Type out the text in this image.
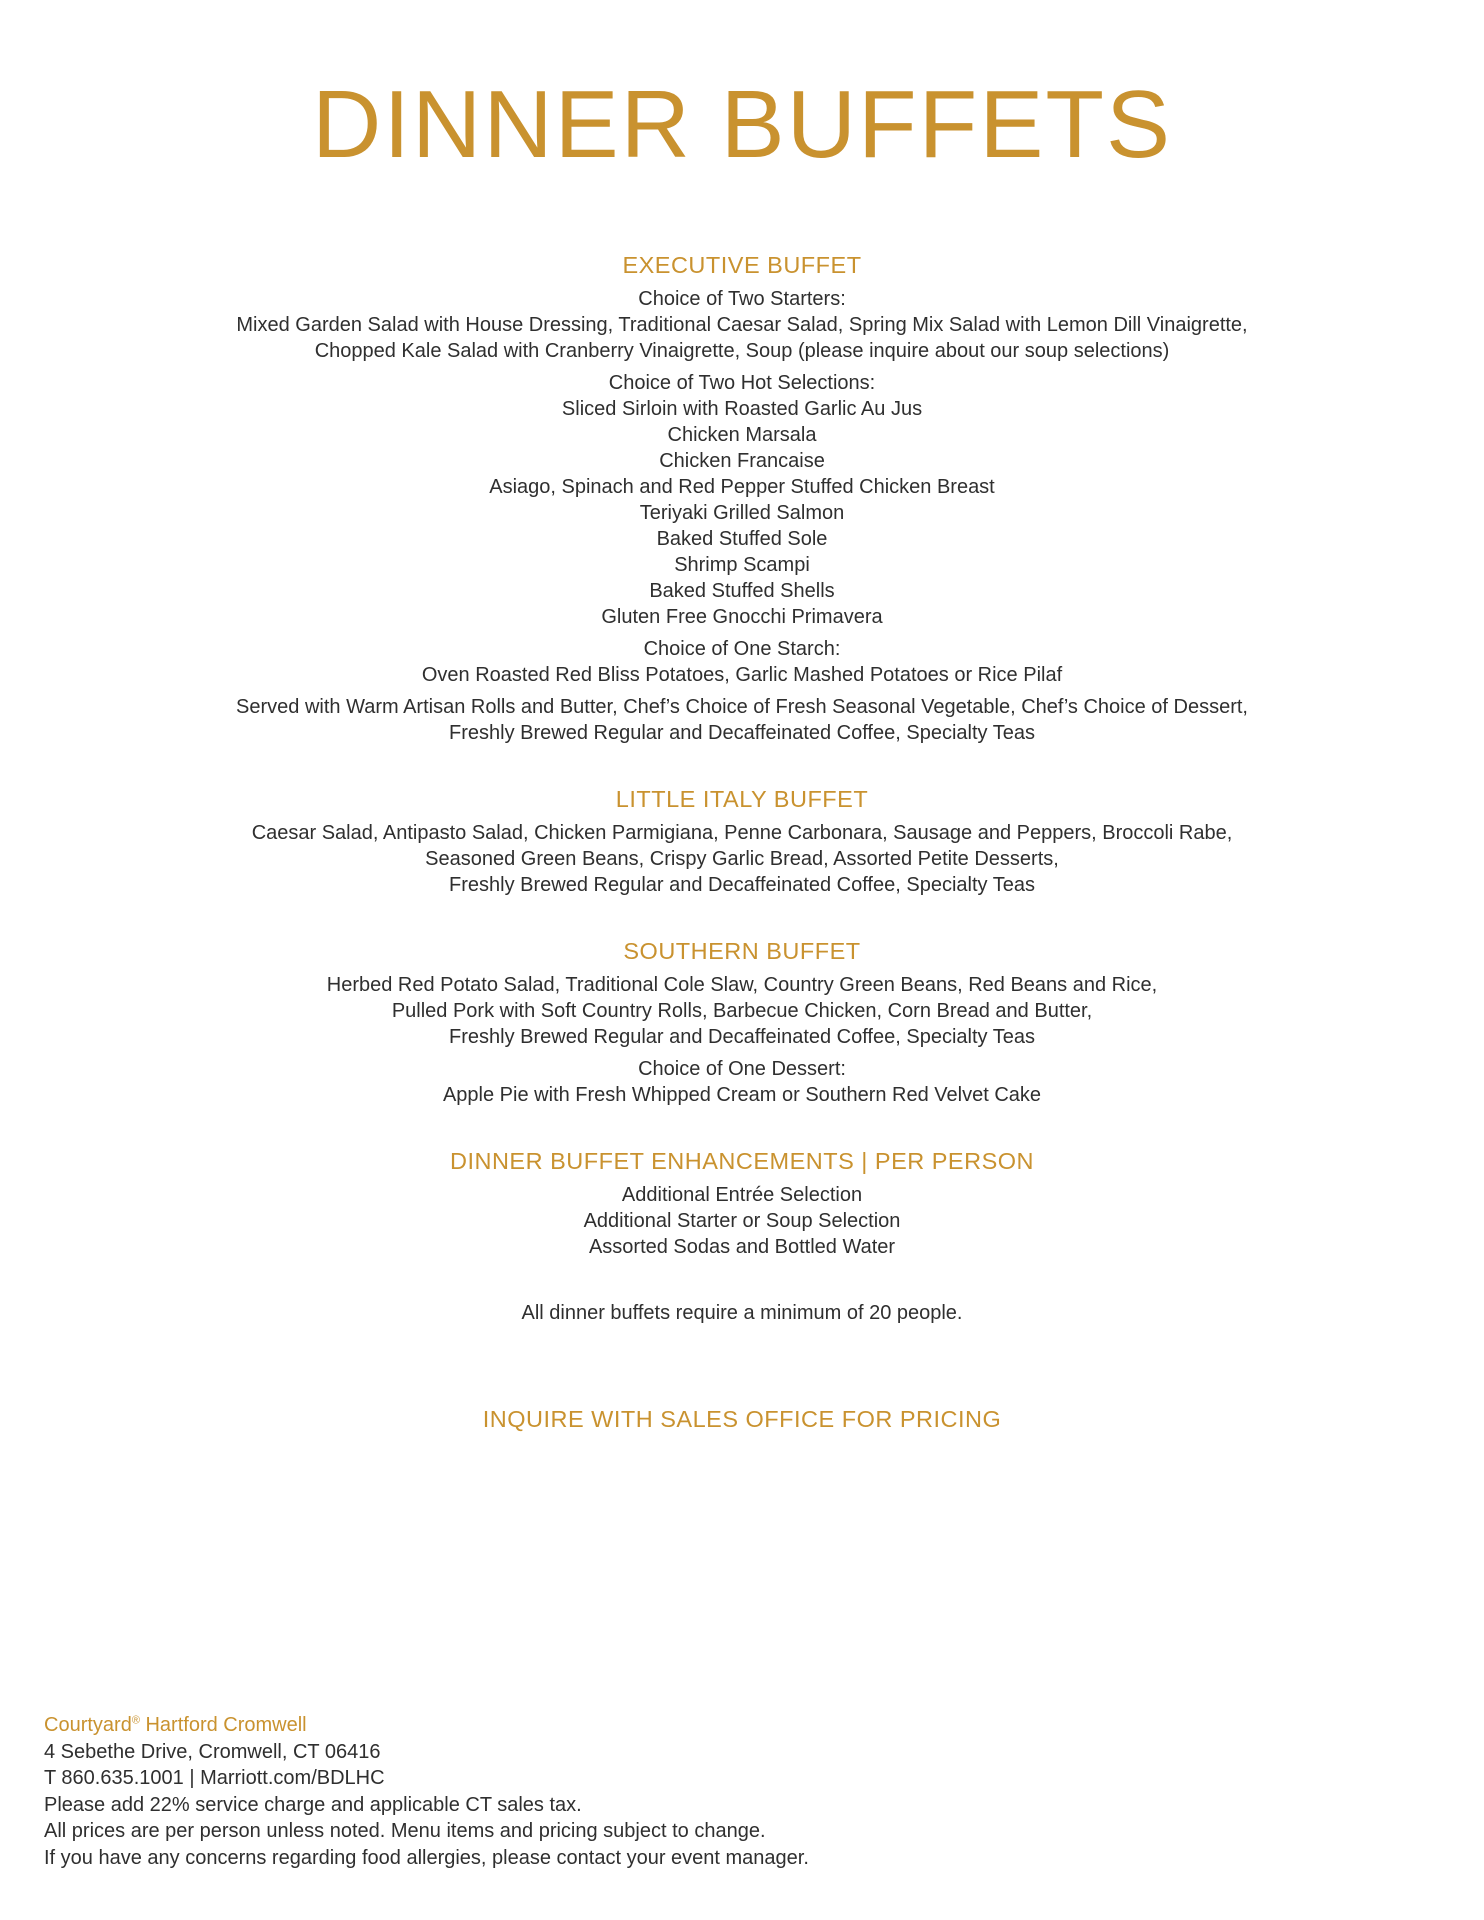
DINNER BUFFETS
EXECUTIVE BUFFET
Choice of Two Starters:
Mixed Garden Salad with House Dressing, Traditional Caesar Salad, Spring Mix Salad with Lemon Dill Vinaigrette,
Chopped Kale Salad with Cranberry Vinaigrette, Soup (please inquire about our soup selections)
Choice of Two Hot Selections:
Sliced Sirloin with Roasted Garlic Au Jus
Chicken Marsala
Chicken Francaise
Asiago, Spinach and Red Pepper Stuffed Chicken Breast
Teriyaki Grilled Salmon
Baked Stuffed Sole
Shrimp Scampi
Baked Stuffed Shells
Gluten Free Gnocchi Primavera
Choice of One Starch:
Oven Roasted Red Bliss Potatoes, Garlic Mashed Potatoes or Rice Pilaf
Served with Warm Artisan Rolls and Butter, Chef’s Choice of Fresh Seasonal Vegetable, Chef’s Choice of Dessert,
Freshly Brewed Regular and Decaffeinated Coffee, Specialty Teas
LITTLE ITALY BUFFET
Caesar Salad, Antipasto Salad, Chicken Parmigiana, Penne Carbonara, Sausage and Peppers, Broccoli Rabe,
Seasoned Green Beans, Crispy Garlic Bread, Assorted Petite Desserts,
Freshly Brewed Regular and Decaffeinated Coffee, Specialty Teas
SOUTHERN BUFFET
Herbed Red Potato Salad, Traditional Cole Slaw, Country Green Beans, Red Beans and Rice,
Pulled Pork with Soft Country Rolls, Barbecue Chicken, Corn Bread and Butter,
Freshly Brewed Regular and Decaffeinated Coffee, Specialty Teas
Choice of One Dessert:
Apple Pie with Fresh Whipped Cream or Southern Red Velvet Cake
DINNER BUFFET ENHANCEMENTS | PER PERSON
Additional Entrée Selection
Additional Starter or Soup Selection
Assorted Sodas and Bottled Water
All dinner buffets require a minimum of 20 people.
INQUIRE WITH SALES OFFICE FOR PRICING
Courtyard® Hartford Cromwell
4 Sebethe Drive, Cromwell, CT 06416
T 860.635.1001 | Marriott.com/BDLHC
Please add 22% service charge and applicable CT sales tax.
All prices are per person unless noted. Menu items and pricing subject to change.
If you have any concerns regarding food allergies, please contact your event manager.
